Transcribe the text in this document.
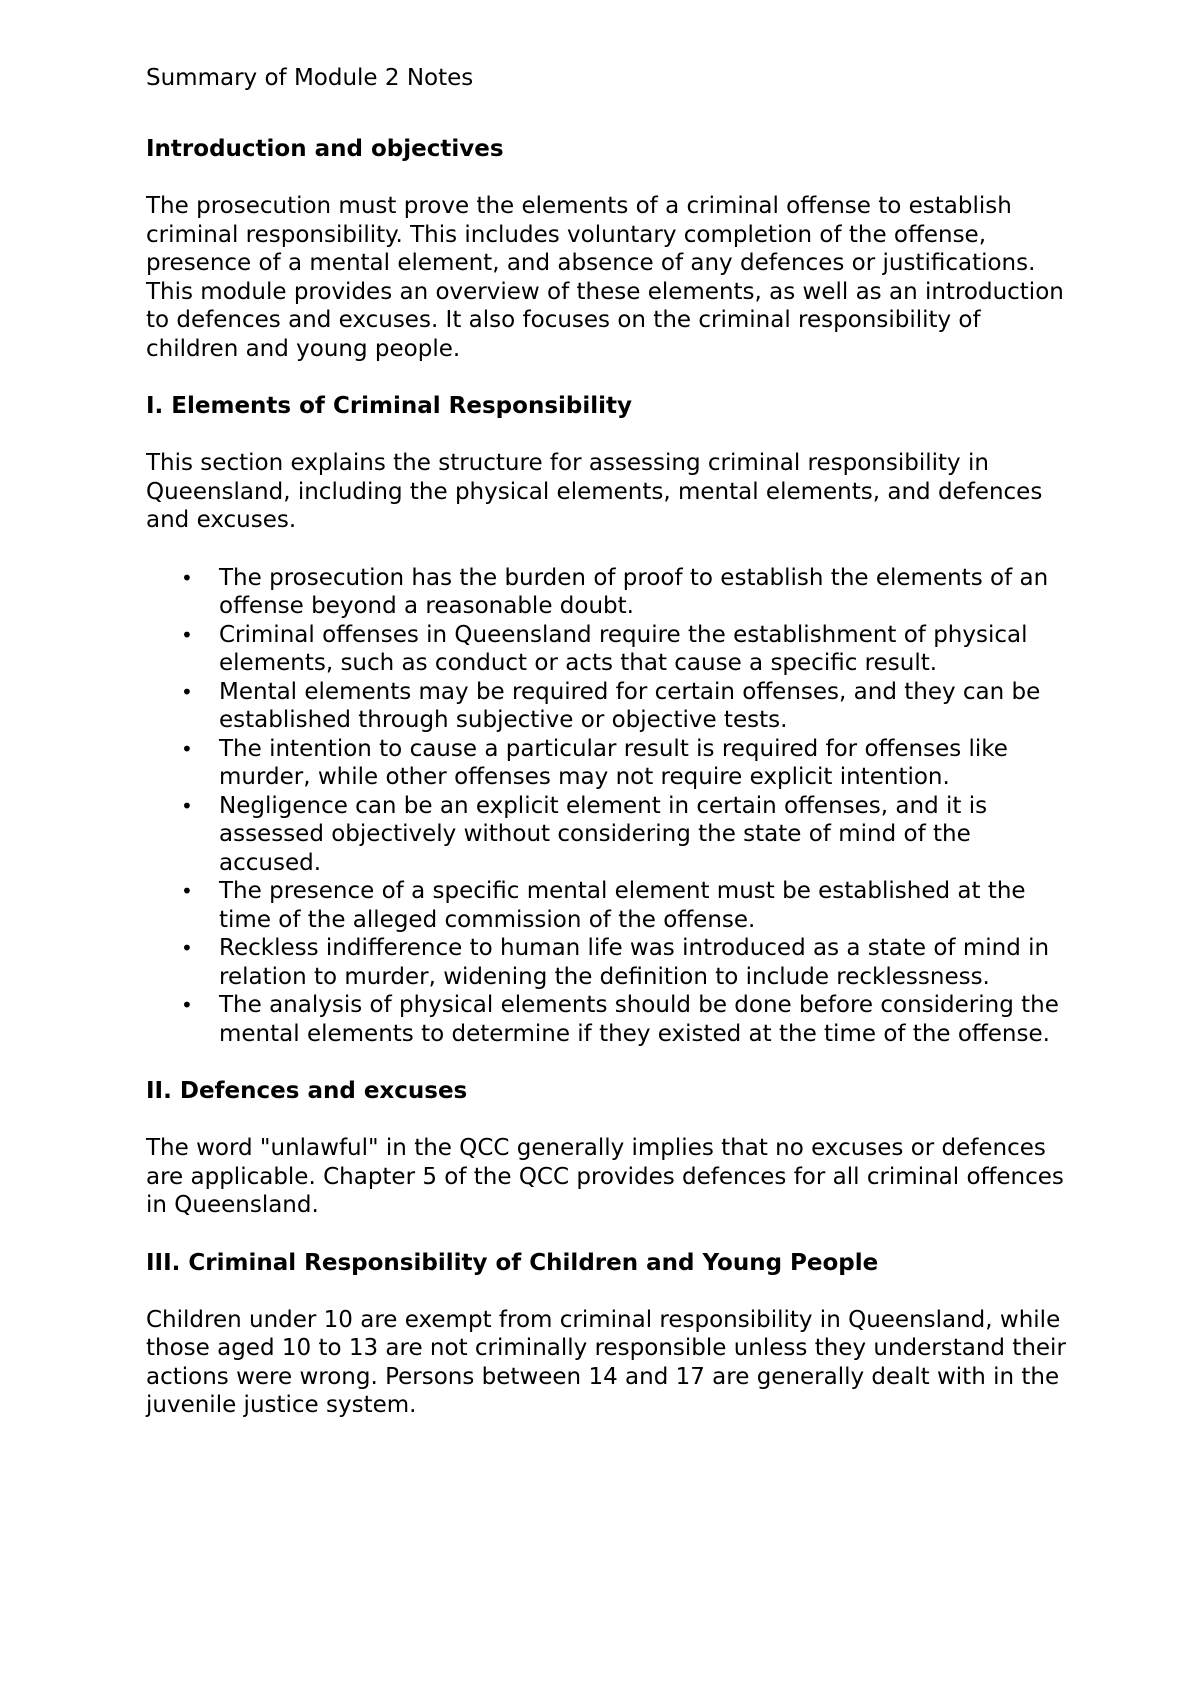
Summary of Module 2 Notes

Introduction and objectives

The prosecution must prove the elements of a criminal offense to establish criminal responsibility. This includes voluntary completion of the offense, presence of a mental element, and absence of any defences or justifications. This module provides an overview of these elements, as well as an introduction to defences and excuses. It also focuses on the criminal responsibility of children and young people.

I. Elements of Criminal Responsibility

This section explains the structure for assessing criminal responsibility in Queensland, including the physical elements, mental elements, and defences and excuses.

• The prosecution has the burden of proof to establish the elements of an offense beyond a reasonable doubt.
• Criminal offenses in Queensland require the establishment of physical elements, such as conduct or acts that cause a specific result.
• Mental elements may be required for certain offenses, and they can be established through subjective or objective tests.
• The intention to cause a particular result is required for offenses like murder, while other offenses may not require explicit intention.
• Negligence can be an explicit element in certain offenses, and it is assessed objectively without considering the state of mind of the accused.
• The presence of a specific mental element must be established at the time of the alleged commission of the offense.
• Reckless indifference to human life was introduced as a state of mind in relation to murder, widening the definition to include recklessness.
• The analysis of physical elements should be done before considering the mental elements to determine if they existed at the time of the offense.

II. Defences and excuses

The word "unlawful" in the QCC generally implies that no excuses or defences are applicable. Chapter 5 of the QCC provides defences for all criminal offences in Queensland.

III. Criminal Responsibility of Children and Young People

Children under 10 are exempt from criminal responsibility in Queensland, while those aged 10 to 13 are not criminally responsible unless they understand their actions were wrong. Persons between 14 and 17 are generally dealt with in the juvenile justice system.
